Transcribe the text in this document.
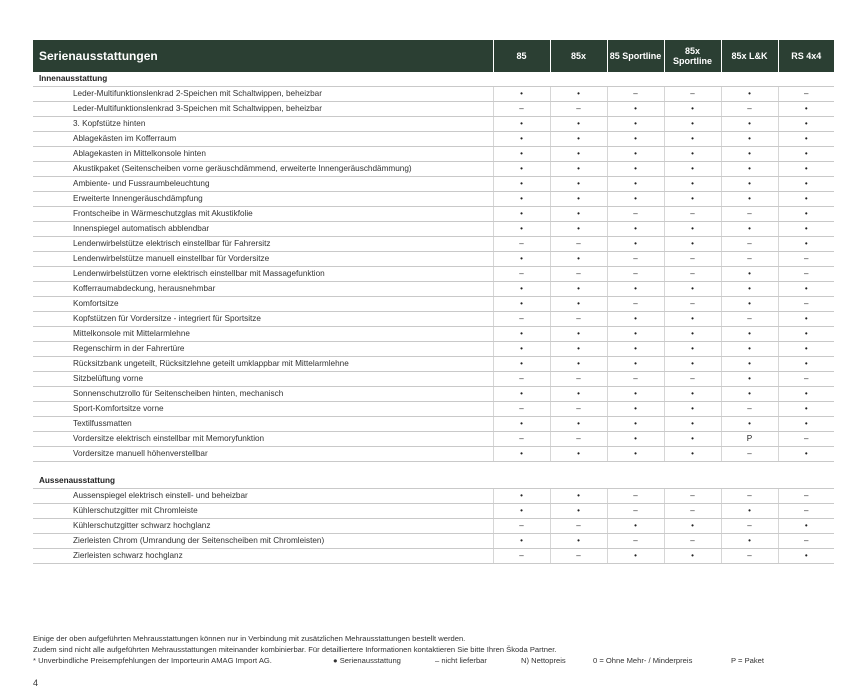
Serienausstattungen	85	85x	85 Sportline	85x Sportline	85x L&K	RS 4x4
Innenausstattung						
Leder-Multifunktionslenkrad 2-Speichen mit Schaltwippen, beheizbar	•	•	–	–	•	–
Leder-Multifunktionslenkrad 3-Speichen mit Schaltwippen, beheizbar	–	–	•	•	–	•
3. Kopfstütze hinten	•	•	•	•	•	•
Ablagekästen im Kofferraum	•	•	•	•	•	•
Ablagekasten in Mittelkonsole hinten	•	•	•	•	•	•
Akustikpaket (Seitenscheiben vorne geräuschdämmend, erweiterte Innengeräuschdämmung)	•	•	•	•	•	•
Ambiente- und Fussraumbeleuchtung	•	•	•	•	•	•
Erweiterte Innengeräuschdämpfung	•	•	•	•	•	•
Frontscheibe in Wärmeschutzglas mit Akustikfolie	•	•	–	–	–	•
Innenspiegel automatisch abblendbar	•	•	•	•	•	•
Lendenwirbelstütze elektrisch einstellbar für Fahrersitz	–	–	•	•	–	•
Lendenwirbelstütze manuell einstellbar für Vordersitze	•	•	–	–	–	–
Lendenwirbelstützen vorne elektrisch einstellbar mit Massagefunktion	–	–	–	–	•	–
Kofferraumabdeckung, herausnehmbar	•	•	•	•	•	•
Komfortsitze	•	•	–	–	•	–
Kopfstützen für Vordersitze - integriert für Sportsitze	–	–	•	•	–	•
Mittelkonsole mit Mittelarmlehne	•	•	•	•	•	•
Regenschirm in der Fahrertüre	•	•	•	•	•	•
Rücksitzbank ungeteilt, Rücksitzlehne geteilt umklappbar mit Mittelarmlehne	•	•	•	•	•	•
Sitzbelüftung vorne	–	–	–	–	•	–
Sonnenschutzrollo für Seitenscheiben hinten, mechanisch	•	•	•	•	•	•
Sport-Komfortsitze vorne	–	–	•	•	–	•
Textilfussmatten	•	•	•	•	•	•
Vordersitze elektrisch einstellbar mit Memoryfunktion	–	–	•	•	P	–
Vordersitze manuell höhenverstellbar	•	•	•	•	–	•

Aussenausstattung						
Aussenspiegel elektrisch einstell- und beheizbar	•	•	–	–	–	–
Kühlerschutzgitter mit Chromleiste	•	•	–	–	•	–
Kühlerschutzgitter schwarz hochglanz	–	–	•	•	–	•
Zierleisten Chrom (Umrandung der Seitenscheiben mit Chromleisten)	•	•	–	–	•	–
Zierleisten schwarz hochglanz	–	–	•	•	–	•
Einige der oben aufgeführten Mehrausstattungen können nur in Verbindung mit zusätzlichen Mehrausstattungen bestellt werden.
Zudem sind nicht alle aufgeführten Mehrausstattungen miteinander kombinierbar. Für detailliertere Informationen kontaktieren Sie bitte Ihren Škoda Partner.
* Unverbindliche Preisempfehlungen der Importeurin AMAG Import AG.	● Serienausstattung	– nicht lieferbar	N) Nettopreis	0 = Ohne Mehr- / Minderpreis	P = Paket
4
